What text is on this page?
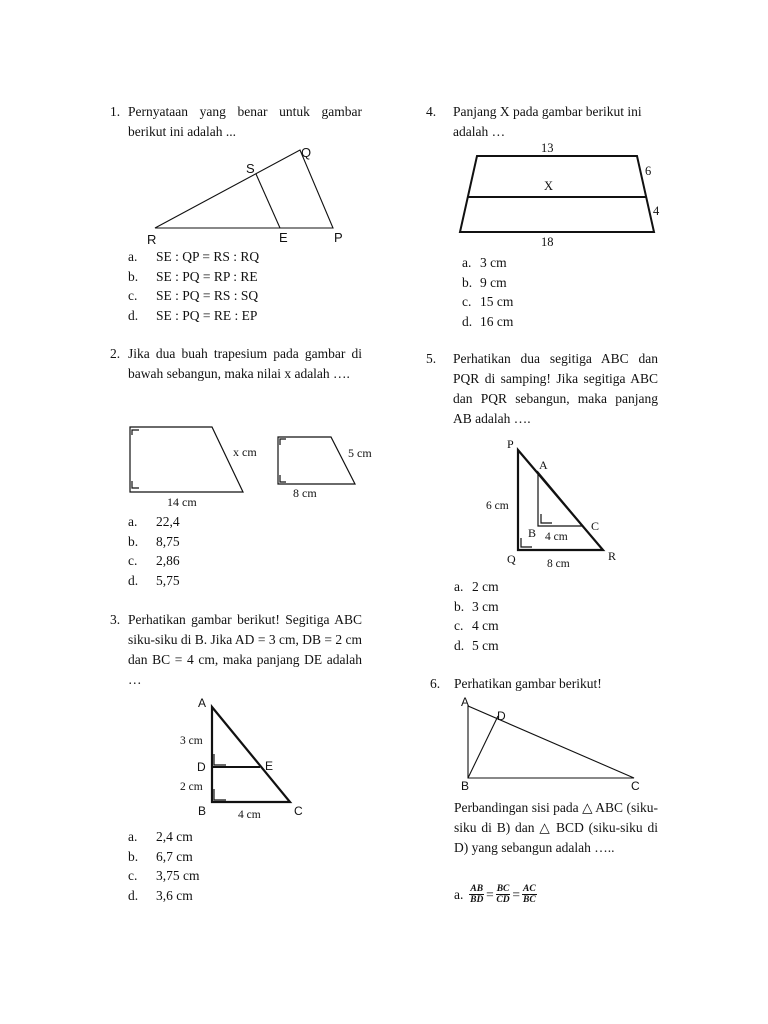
1. Pernyataan yang benar untuk gambar berikut ini adalah ...
S
Q
R	E	P
a.	SE : QP = RS : RQ
b.	SE : PQ = RP : RE
c.	SE : PQ = RS : SQ
d.	SE : PQ = RE : EP
2. Jika dua buah trapesium pada gambar di bawah sebangun, maka nilai x adalah ….
x cm
14 cm
5 cm
8 cm
a.	22,4
b.	8,75
c.	2,86
d.	5,75
3. Perhatikan gambar berikut! Segitiga ABC siku-siku di B. Jika AD = 3 cm, DB = 2 cm dan BC = 4 cm, maka panjang DE adalah …
A
D	E
B	C
3 cm
2 cm
4 cm
a.	2,4 cm
b.	6,7 cm
c.	3,75 cm
d.	3,6 cm
4. Panjang X pada gambar berikut ini adalah …
13
X
6
4
18
a. 3 cm
b. 9 cm
c. 15 cm
d. 16 cm
5. Perhatikan dua segitiga ABC dan PQR di samping! Jika segitiga ABC dan PQR sebangun, maka panjang AB adalah ….
P
A
C
B
Q	R
6 cm
4 cm
8 cm
a. 2 cm
b. 3 cm
c. 4 cm
d. 5 cm
6. Perhatikan gambar berikut!
A
D
B	C
Perbandingan sisi pada △ ABC (siku-siku di B) dan △ BCD (siku-siku di D) yang sebangun adalah …..
a. $\frac{AB}{BD} = \frac{BC}{CD} = \frac{AC}{BC}$
